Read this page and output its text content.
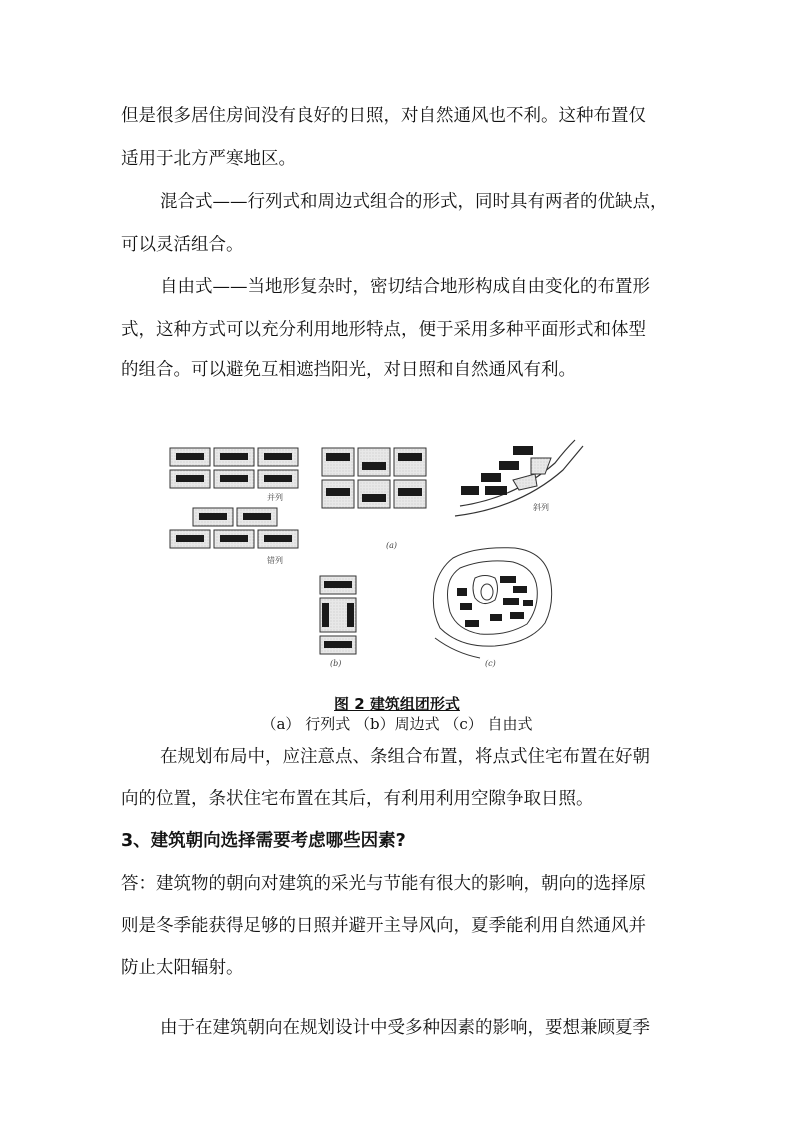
但是很多居住房间没有良好的日照，对自然通风也不利。这种布置仅

适用于北方严寒地区。

混合式——行列式和周边式组合的形式，同时具有两者的优缺点，

可以灵活组合。

自由式——当地形复杂时，密切结合地形构成自由变化的布置形

式，这种方式可以充分利用地形特点，便于采用多种平面形式和体型

的组合。可以避免互相遮挡阳光，对日照和自然通风有利。

并列
错列
(a)
斜列
(b)	(c)
图 2 建筑组团形式
（a） 行列式 （b）周边式 （c） 自由式

在规划布局中，应注意点、条组合布置，将点式住宅布置在好朝

向的位置，条状住宅布置在其后，有利用利用空隙争取日照。

3、建筑朝向选择需要考虑哪些因素?

答：建筑物的朝向对建筑的采光与节能有很大的影响，朝向的选择原

则是冬季能获得足够的日照并避开主导风向，夏季能利用自然通风并

防止太阳辐射。

由于在建筑朝向在规划设计中受多种因素的影响，要想兼顾夏季
